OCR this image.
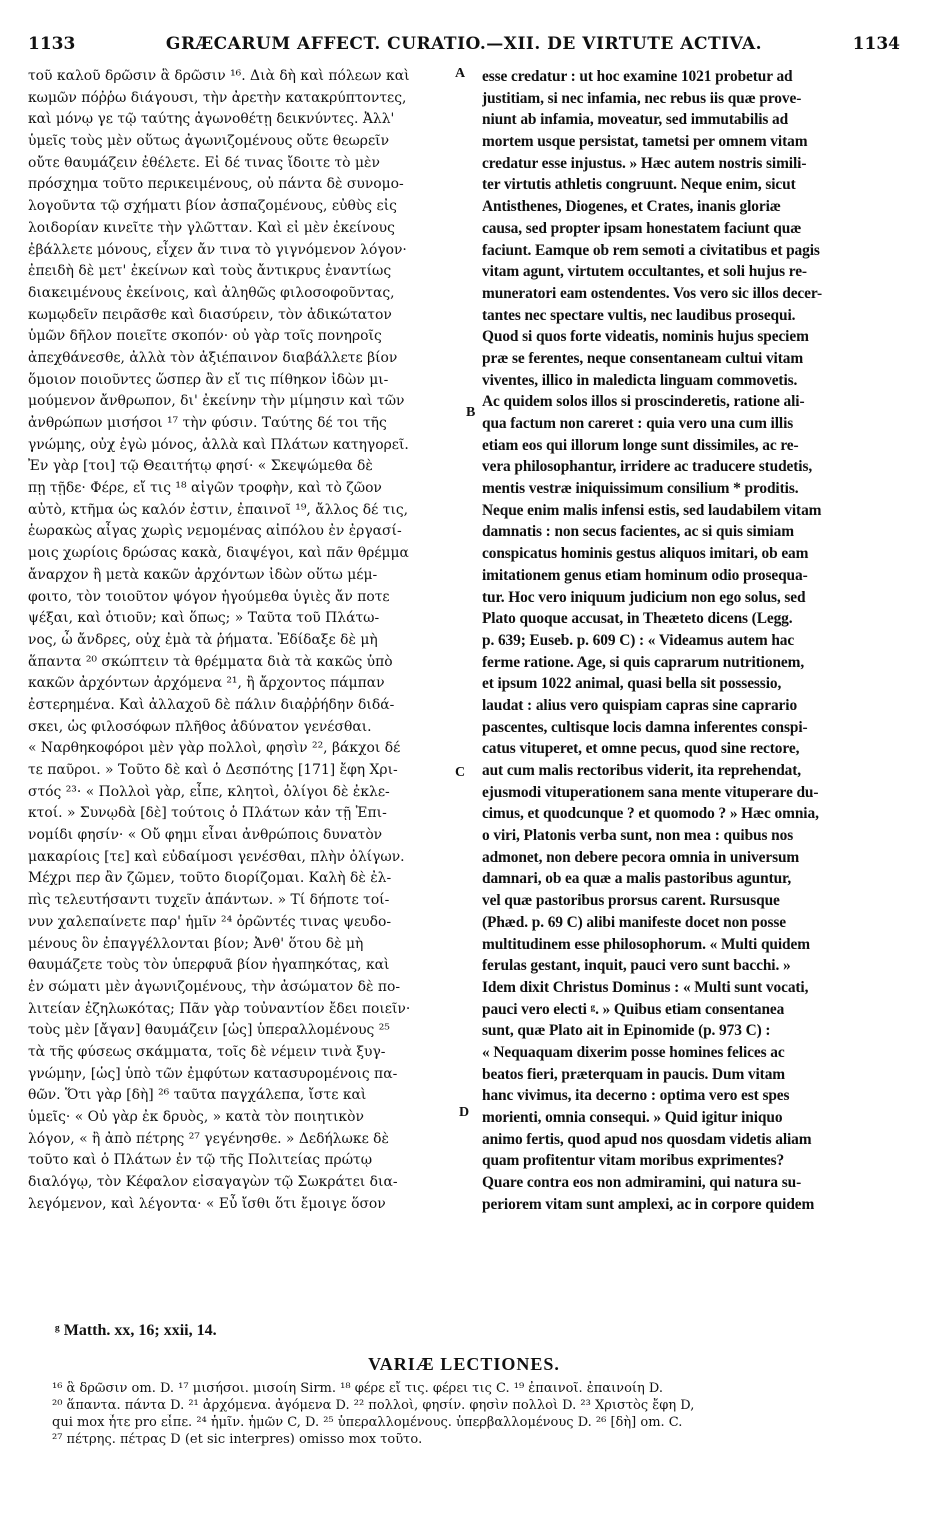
1133	GRÆCARUM AFFECT. CURATIO.—XII. DE VIRTUTE ACTIVA.	1134
τοῦ καλοῦ δρῶσιν ἃ δρῶσιν ¹⁶. Διὰ δὴ καὶ πόλεων καὶ
κωμῶν πόῤῥω διάγουσι, τὴν ἀρετὴν κατακρύπτοντες,
καὶ μόνῳ γε τῷ ταύτης ἀγωνοθέτῃ δεικνύντες. Ἀλλ'
ὑμεῖς τοὺς μὲν οὕτως ἀγωνιζομένους οὔτε θεωρεῖν
οὔτε θαυμάζειν ἐθέλετε. Εἰ δέ τινας ἴδοιτε τὸ μὲν
πρόσχημα τοῦτο περικειμένους, οὐ πάντα δὲ συνομο-
λογοῦντα τῷ σχήματι βίον ἀσπαζομένους, εὐθὺς εἰς
λοιδορίαν κινεῖτε τὴν γλῶτταν. Καὶ εἰ μὲν ἐκείνους
ἐβάλλετε μόνους, εἶχεν ἄν τινα τὸ γιγνόμενον λόγον·
ἐπειδὴ δὲ μετ' ἐκείνων καὶ τοὺς ἄντικρυς ἐναντίως
διακειμένους ἐκείνοις, καὶ ἀληθῶς φιλοσοφοῦντας,
κωμῳδεῖν πειρᾶσθε καὶ διασύρειν, τὸν ἀδικώτατον
ὑμῶν δῆλον ποιεῖτε σκοπόν· οὐ γὰρ τοῖς πονηροῖς
ἀπεχθάνεσθε, ἀλλὰ τὸν ἀξιέπαινον διαβάλλετε βίον
ὅμοιον ποιοῦντες ὥσπερ ἂν εἴ τις πίθηκον ἰδὼν μι-
μούμενον ἄνθρωπον, δι' ἐκείνην τὴν μίμησιν καὶ τῶν
ἀνθρώπων μισήσοι ¹⁷ τὴν φύσιν. Ταύτης δέ τοι τῆς
γνώμης, οὐχ ἐγὼ μόνος, ἀλλὰ καὶ Πλάτων κατηγορεῖ.
Ἐν γὰρ [τοι] τῷ Θεαιτήτῳ φησί· « Σκεψώμεθα δὲ
πῃ τῇδε· Φέρε, εἴ τις ¹⁸ αἰγῶν τροφὴν, καὶ τὸ ζῶον
αὐτὸ, κτῆμα ὡς καλόν ἐστιν, ἐπαινοῖ ¹⁹, ἄλλος δέ τις,
ἑωρακὼς αἶγας χωρὶς νεμομένας αἰπόλου ἐν ἐργασί-
μοις χωρίοις δρώσας κακὰ, διαψέγοι, καὶ πᾶν θρέμμα
ἄναρχον ἢ μετὰ κακῶν ἀρχόντων ἰδὼν οὕτω μέμ-
φοιτο, τὸν τοιοῦτον ψόγον ἡγούμεθα ὑγιὲς ἄν ποτε
ψέξαι, καὶ ὁτιοῦν; καὶ ὅπως; » Ταῦτα τοῦ Πλάτω-
νος, ὦ ἄνδρες, οὐχ ἐμὰ τὰ ῥήματα. Ἐδίδαξε δὲ μὴ
ἅπαντα ²⁰ σκώπτειν τὰ θρέμματα διὰ τὰ κακῶς ὑπὸ
κακῶν ἀρχόντων ἀρχόμενα ²¹, ἢ ἄρχοντος πάμπαν
ἐστερημένα. Καὶ ἀλλαχοῦ δὲ πάλιν διαῤῥήδην διδά-
σκει, ὡς φιλοσόφων πλῆθος ἀδύνατον γενέσθαι.
« Ναρθηκοφόροι μὲν γὰρ πολλοὶ, φησὶν ²², βάκχοι δέ
τε παῦροι. » Τοῦτο δὲ καὶ ὁ Δεσπότης [171] ἔφη Χρι-
στός ²³· « Πολλοὶ γὰρ, εἶπε, κλητοὶ, ὀλίγοι δὲ ἐκλε-
κτοί. » Συνῳδὰ [δὲ] τούτοις ὁ Πλάτων κἀν τῇ Ἐπι-
νομίδι φησίν· « Οὔ φημι εἶναι ἀνθρώποις δυνατὸν
μακαρίοις [τε] καὶ εὐδαίμοσι γενέσθαι, πλὴν ὀλίγων.
Μέχρι περ ἂν ζῶμεν, τοῦτο διορίζομαι. Καλὴ δὲ ἐλ-
πὶς τελευτήσαντι τυχεῖν ἁπάντων. » Τί δήποτε τοί-
νυν χαλεπαίνετε παρ' ἡμῖν ²⁴ ὁρῶντές τινας ψευδο-
μένους ὃν ἐπαγγέλλονται βίον; Ἀνθ' ὅτου δὲ μὴ
θαυμάζετε τοὺς τὸν ὑπερφυᾶ βίον ἠγαπηκότας, καὶ
ἐν σώματι μὲν ἀγωνιζομένους, τὴν ἀσώματον δὲ πο-
λιτείαν ἐζηλωκότας; Πᾶν γὰρ τοὐναντίον ἔδει ποιεῖν·
τοὺς μὲν [ἄγαν] θαυμάζειν [ὡς] ὑπεραλλομένους ²⁵
τὰ τῆς φύσεως σκάμματα, τοῖς δὲ νέμειν τινὰ ξυγ-
γνώμην, [ὡς] ὑπὸ τῶν ἐμφύτων κατασυρομένοις πα-
θῶν. Ὅτι γὰρ [δὴ] ²⁶ ταῦτα παγχάλεπα, ἴστε καὶ
ὑμεῖς· « Οὐ γὰρ ἐκ δρυὸς, » κατὰ τὸν ποιητικὸν
λόγον, « ἢ ἀπὸ πέτρης ²⁷ γεγένησθε. » Δεδήλωκε δὲ
τοῦτο καὶ ὁ Πλάτων ἐν τῷ τῆς Πολιτείας πρώτῳ
διαλόγῳ, τὸν Κέφαλον εἰσαγαγὼν τῷ Σωκράτει δια-
λεγόμενον, καὶ λέγοντα· « Εὖ ἴσθι ὅτι ἔμοιγε ὅσον
esse credatur : ut hoc examine 1021 probetur ad
justitiam, si nec infamia, nec rebus iis quæ prove-
niunt ab infamia, moveatur, sed immutabilis ad
mortem usque persistat, tametsi per omnem vitam
credatur esse injustus. » Hæc autem nostris simili-
ter virtutis athletis congruunt. Neque enim, sicut
Antisthenes, Diogenes, et Crates, inanis gloriæ
causa, sed propter ipsam honestatem faciunt quæ
faciunt. Eamque ob rem semoti a civitatibus et pagis
vitam agunt, virtutem occultantes, et soli hujus re-
muneratori eam ostendentes. Vos vero sic illos decer-
tantes nec spectare vultis, nec laudibus prosequi.
Quod si quos forte videatis, nominis hujus speciem
præ se ferentes, neque consentaneam cultui vitam
viventes, illico in maledicta linguam commovetis.
Ac quidem solos illos si proscinderetis, ratione ali-
qua factum non careret : quia vero una cum illis
etiam eos qui illorum longe sunt dissimiles, ac re-
vera philosophantur, irridere ac traducere studetis,
mentis vestræ iniquissimum consilium * proditis.
Neque enim malis infensi estis, sed laudabilem vitam
damnatis : non secus facientes, ac si quis simiam
conspicatus hominis gestus aliquos imitari, ob eam
imitationem genus etiam hominum odio prosequa-
tur. Hoc vero iniquum judicium non ego solus, sed
Plato quoque accusat, in Theæteto dicens (Legg.
p. 639; Euseb. p. 609 C) : « Videamus autem hac
ferme ratione. Age, si quis caprarum nutritionem,
et ipsum 1022 animal, quasi bella sit possessio,
laudat : alius vero quispiam capras sine caprario
pascentes, cultisque locis damna inferentes conspi-
catus vituperet, et omne pecus, quod sine rectore,
aut cum malis rectoribus viderit, ita reprehendat,
ejusmodi vituperationem sana mente vituperare du-
cimus, et quodcunque ? et quomodo ? » Hæc omnia,
o viri, Platonis verba sunt, non mea : quibus nos
admonet, non debere pecora omnia in universum
damnari, ob ea quæ a malis pastoribus aguntur,
vel quæ pastoribus prorsus carent. Rursusque
(Phæd. p. 69 C) alibi manifeste docet non posse
multitudinem esse philosophorum. « Multi quidem
ferulas gestant, inquit, pauci vero sunt bacchi. »
Idem dixit Christus Dominus : « Multi sunt vocati,
pauci vero electi ᵍ. » Quibus etiam consentanea
sunt, quæ Plato ait in Epinomide (p. 973 C) :
« Nequaquam dixerim posse homines felices ac
beatos fieri, præterquam in paucis. Dum vitam
hanc vivimus, ita decerno : optima vero est spes
morienti, omnia consequi. » Quid igitur iniquo
animo fertis, quod apud nos quosdam videtis aliam
quam profitentur vitam moribus exprimentes?
Quare contra eos non admiramini, qui natura su-
periorem vitam sunt amplexi, ac in corpore quidem
A
B
C
D
ᵍ Matth. xx, 16; xxii, 14.
VARIÆ LECTIONES.
¹⁶ ἃ δρῶσιν om. D. ¹⁷ μισήσοι. μισοίη Sirm. ¹⁸ φέρε εἴ τις. φέρει τις C. ¹⁹ ἐπαινοῖ. ἐπαινοίη D.
²⁰ ἅπαντα. πάντα D. ²¹ ἀρχόμενα. ἀγόμενα D. ²² πολλοὶ, φησίν. φησὶν πολλοὶ D. ²³ Χριστὸς ἔφη D,
qui mox ἦτε pro εἶπε. ²⁴ ἡμῖν. ἡμῶν C, D. ²⁵ ὑπεραλλομένους. ὑπερβαλλομένους D. ²⁶ [δὴ] om. C.
²⁷ πέτρης. πέτρας D (et sic interpres) omisso mox τοῦτο.
